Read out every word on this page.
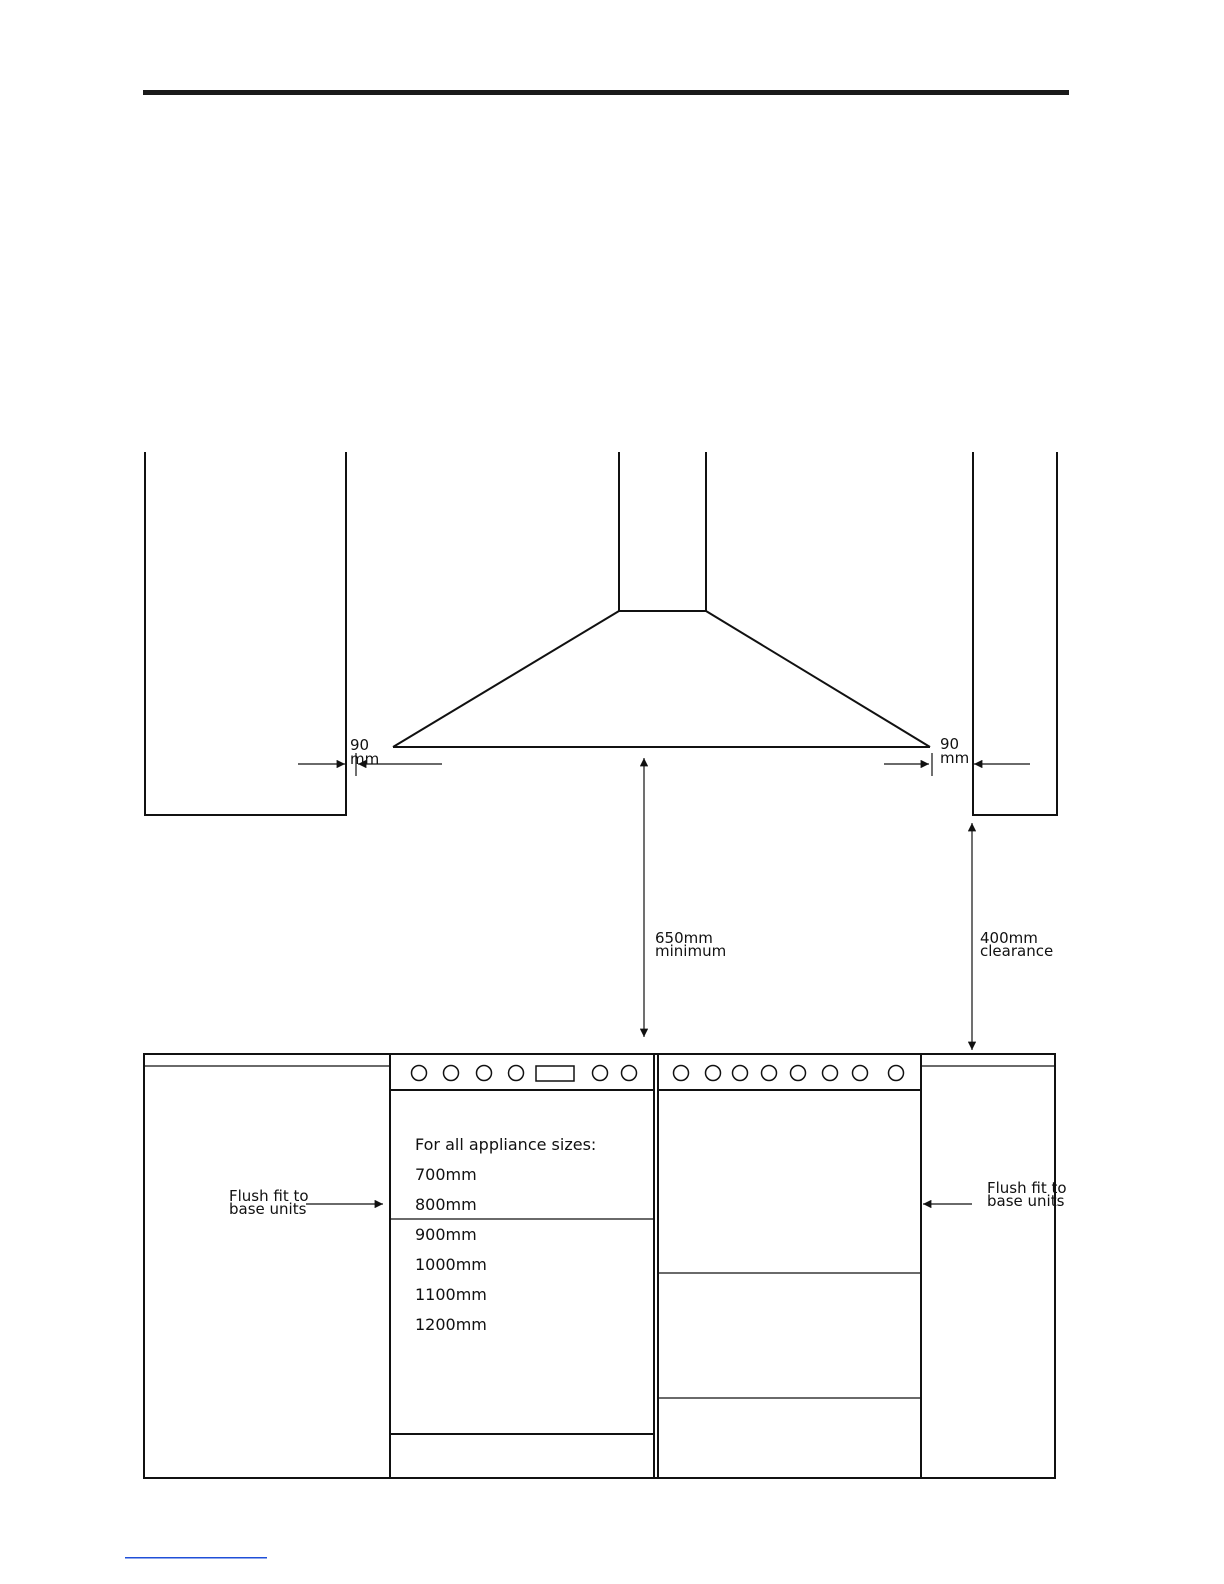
90
mm
90
mm
650mm
minimum
400mm
clearance
For all appliance sizes:
700mm
800mm
900mm
1000mm
1100mm
1200mm
Flush fit to
base units
Flush fit to
base units
